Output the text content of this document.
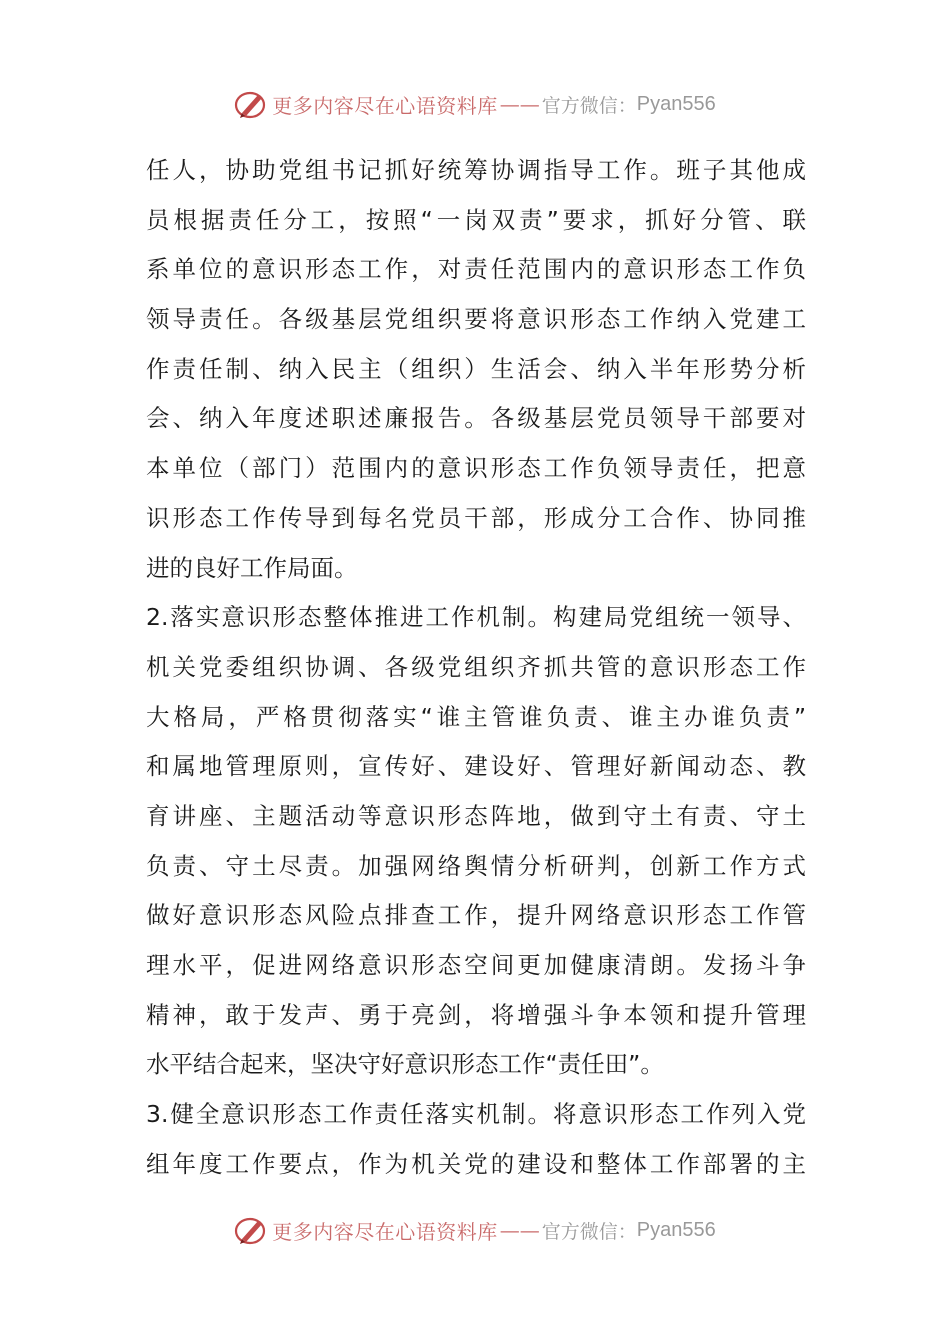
更多内容尽在心语资料库 —— 官方微信： Pyan556
任人，协助党组书记抓好统筹协调指导工作。班子其他成
员根据责任分工，按照“一岗双责”要求，抓好分管、联
系单位的意识形态工作，对责任范围内的意识形态工作负
领导责任。各级基层党组织要将意识形态工作纳入党建工
作责任制、纳入民主（组织）生活会、纳入半年形势分析
会、纳入年度述职述廉报告。各级基层党员领导干部要对
本单位（部门）范围内的意识形态工作负领导责任，把意
识形态工作传导到每名党员干部，形成分工合作、协同推
进的良好工作局面。
2.落实意识形态整体推进工作机制。构建局党组统一领导、
机关党委组织协调、各级党组织齐抓共管的意识形态工作
大格局，严格贯彻落实“谁主管谁负责、谁主办谁负责”
和属地管理原则，宣传好、建设好、管理好新闻动态、教
育讲座、主题活动等意识形态阵地，做到守土有责、守土
负责、守土尽责。加强网络舆情分析研判，创新工作方式
做好意识形态风险点排查工作，提升网络意识形态工作管
理水平，促进网络意识形态空间更加健康清朗。发扬斗争
精神，敢于发声、勇于亮剑，将增强斗争本领和提升管理
水平结合起来，坚决守好意识形态工作“责任田”。
3.健全意识形态工作责任落实机制。将意识形态工作列入党
组年度工作要点，作为机关党的建设和整体工作部署的主
更多内容尽在心语资料库 —— 官方微信： Pyan556
